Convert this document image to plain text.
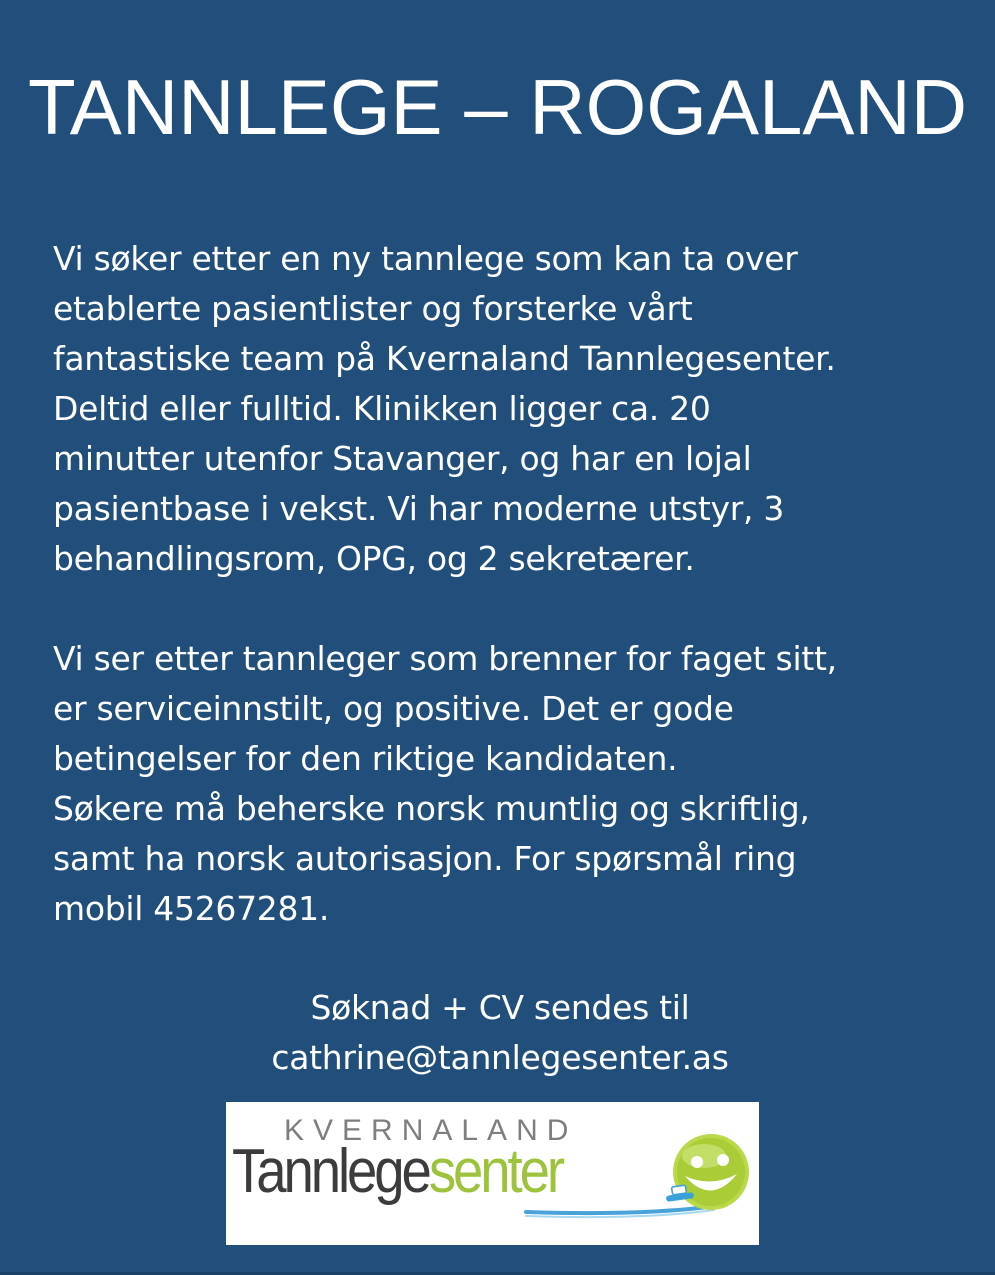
TANNLEGE – ROGALAND
Vi søker etter en ny tannlege som kan ta over
etablerte pasientlister og forsterke vårt
fantastiske team på Kvernaland Tannlegesenter.
Deltid eller fulltid. Klinikken ligger ca. 20
minutter utenfor Stavanger, og har en lojal
pasientbase i vekst. Vi har moderne utstyr, 3
behandlingsrom, OPG, og 2 sekretærer.
Vi ser etter tannleger som brenner for faget sitt,
er serviceinnstilt, og positive. Det er gode
betingelser for den riktige kandidaten.
Søkere må beherske norsk muntlig og skriftlig,
samt ha norsk autorisasjon. For spørsmål ring
mobil 45267281.
Søknad + CV sendes til
cathrine@tannlegesenter.as
KVERNALAND
Tannlegesenter
